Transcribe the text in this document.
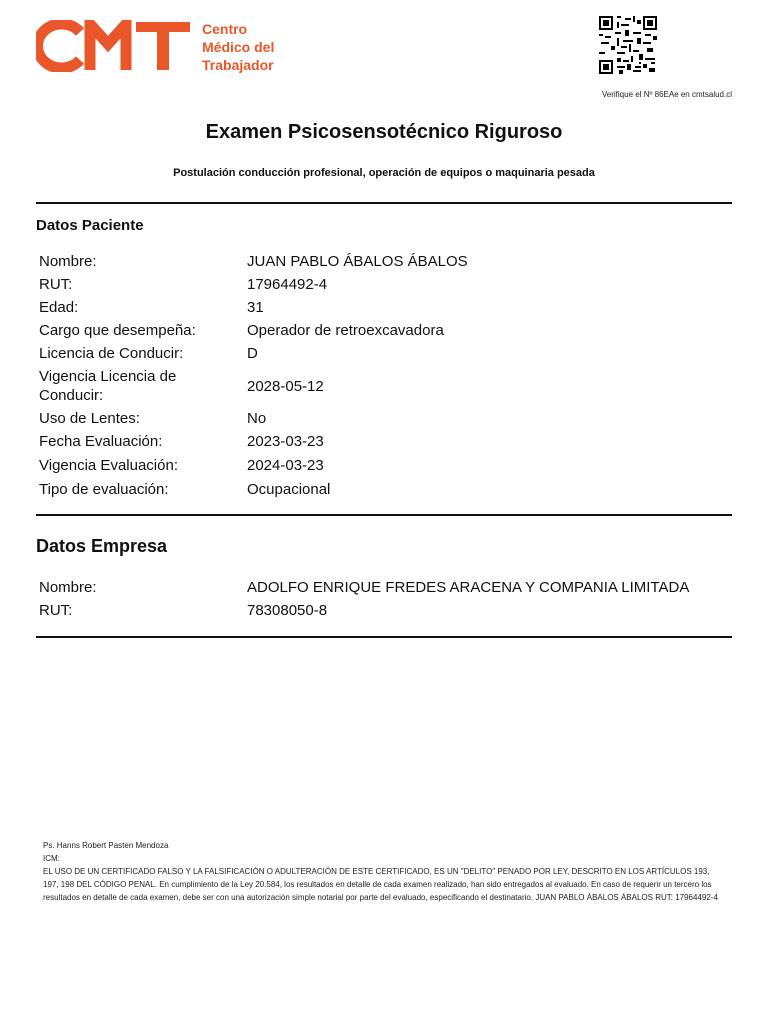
Centro
Médico del
Trabajador
Verifique el Nº 86EAe en cmtsalud.cl
Examen Psicosensotécnico Riguroso
Postulación conducción profesional, operación de equipos o maquinaria pesada
Datos Paciente
Nombre:	JUAN PABLO ÁBALOS ÁBALOS
RUT:	17964492-4
Edad:	31
Cargo que desempeña:	Operador de retroexcavadora
Licencia de Conducir:	D
Vigencia Licencia de Conducir:
2028-05-12
Uso de Lentes:	No
Fecha Evaluación:	2023-03-23
Vigencia Evaluación:	2024-03-23
Tipo de evaluación:	Ocupacional
Datos Empresa
Nombre:	ADOLFO ENRIQUE FREDES ARACENA Y COMPANIA LIMITADA
RUT:	78308050-8
Ps. Hanns Robert Pasten Mendoza
ICM:
EL USO DE UN CERTIFICADO FALSO Y LA FALSIFICACIÓN O ADULTERACIÓN DE ESTE CERTIFICADO, ES UN "DELITO" PENADO POR LEY, DESCRITO EN LOS ARTÍCULOS 193, 197, 198 DEL CÓDIGO PENAL. En cumplimiento de la Ley 20.584, los resultados en detalle de cada examen realizado, han sido entregados al evaluado. En caso de requerir un tercero los resultados en detalle de cada examen, debe ser con una autorización simple notarial por parte del evaluado, especificando el destinatario. JUAN PABLO ÁBALOS ÁBALOS RUT: 17964492-4
